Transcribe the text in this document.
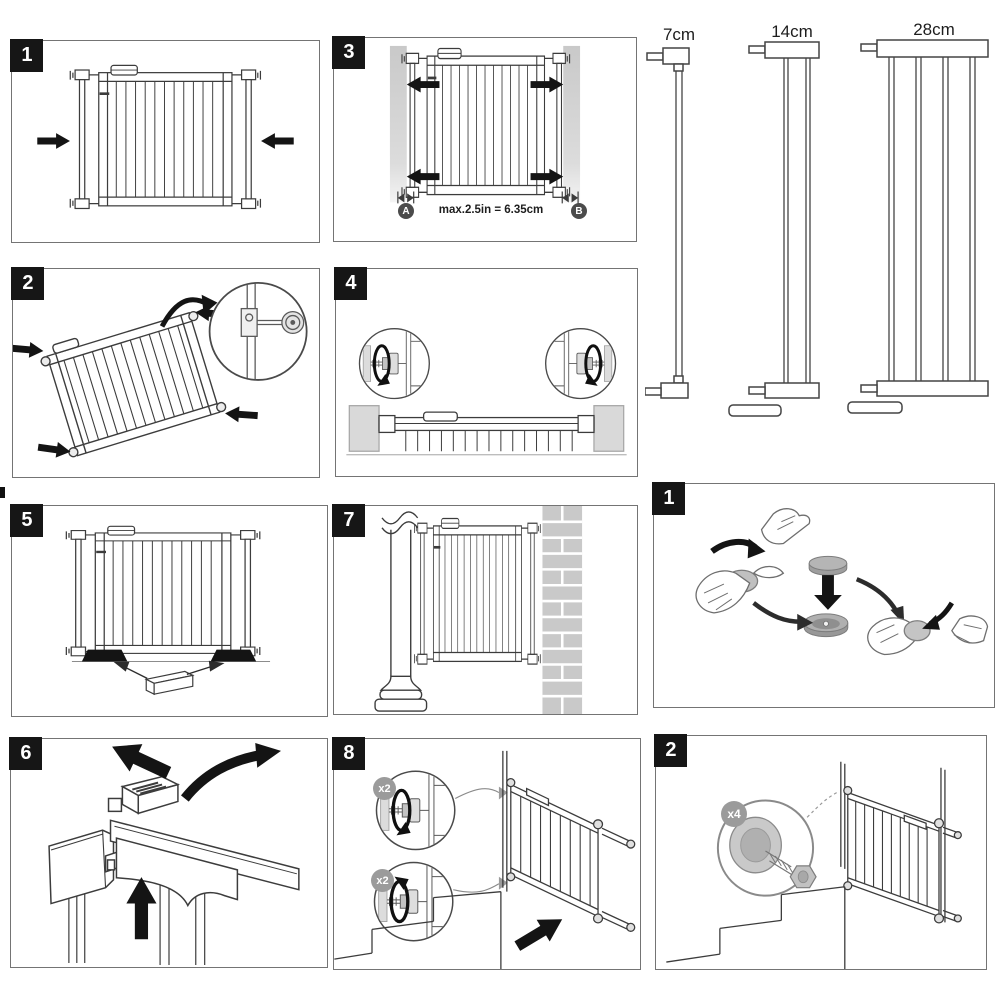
1	3
A	B
max.2.5in = 6.35cm
7cm	14cm	28cm
2	4
5	7
1
6	8
x2
x2
2
x4
